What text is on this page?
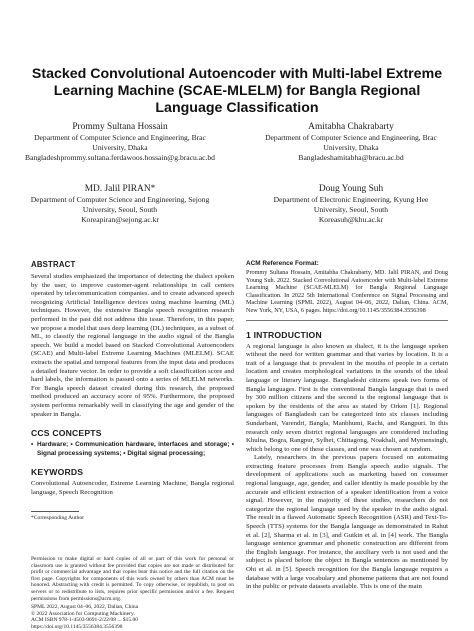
Stacked Convolutional Autoencoder with Multi-label Extreme Learning Machine (SCAE-MLELM) for Bangla Regional Language Classification
Prommy Sultana Hossain
Department of Computer Science and Engineering, Brac
University, Dhaka
Bangladeshprommy.sultana.ferdawoos.hossain@g.bracu.ac.bd
Amitabha Chakrabarty
Department of Computer Science and Engineering, Brac
University, Dhaka
Bangladeshamitabha@bracu.ac.bd
MD. Jalil PIRAN*
Department of Computer Science and Engineering, Sejong
University, Seoul, South
Koreapiran@sejong.ac.kr
Doug Young Suh
Department of Electronic Engineering, Kyung Hee
University, Seoul, South
Koreasuh@khu.ac.kr
ABSTRACT

Several studies emphasized the importance of detecting the dialect spoken by the user, to improve customer-agent relationships in call centers operated by telecommunication companies. and to create advanced speech recognizing Artificial Intelligence devices using machine learning (ML) techniques. However, the extensive Bangla speech recognition research performed in the past did not address this issue. Therefore, in this paper, we propose a model that uses deep learning (DL) techniques, as a subset of ML, to classify the regional language in the audio signal of the Bangla speech. We build a model based on Stacked Convolutional Autoencoders (SCAE) and Multi-label Extreme Learning Machines (MLELM). SCAE extracts the spatial and temporal features from the input data and produces a detailed feature vector. In order to provide a soft classification score and hard labels, the information is passed onto a series of MLELM networks. For Bangla speech dataset created during this research, the proposed method produced an accuracy score of 95%. Furthermore, the proposed system performs remarkably well in classifying the age and gender of the speaker in Bangla.

CCS CONCEPTS
• Hardware; • Communication hardware, interfaces and storage; • Signal processing systems; • Digital signal processing;
KEYWORDS

Convolutional Autoencoder, Extreme Learning Machine, Bangla regional language, Speech Recognition

*Corresponding Author
Permission to make digital or hard copies of all or part of this work for personal or classroom use is granted without fee provided that copies are not made or distributed for profit or commercial advantage and that copies bear this notice and the full citation on the first page. Copyrights for components of this work owned by others than ACM must be honored. Abstracting with credit is permitted. To copy otherwise, or republish, to post on servers or to redistribute to lists, requires prior specific permission and/or a fee. Request permissions from permissions@acm.org.
SPML 2022, August 04–06, 2022, Dalian, China
© 2022 Association for Computing Machinery.
ACM ISBN 978-1-4503-9691-2/22/08 ... $15.00
https://doi.org/10.1145/3556384.3556398
ACM Reference Format:
Prommy Sultana Hossain, Amitabha Chakrabarty, MD. Jalil PIRAN, and Doug Young Suh. 2022. Stacked Convolutional Autoencoder with Multi-label Extreme Learning Machine (SCAE-MLELM) for Bangla Regional Language Classification. In 2022 5th International Conference on Signal Processing and Machine Learning (SPML 2022), August 04–06, 2022, Dalian, China. ACM, New York, NY, USA, 6 pages. https://doi.org/10.1145/3556384.3556398
1 INTRODUCTION

A regional language is also known as dialect, it is the language spoken without the need for written grammar and that varies by location. It is a trait of a language that is prevalent in the mouths of people in a certain location and creates morphological variations in the sounds of the ideal language or literary language. Bangladeshi citizens speak two forms of Bangla languages. First is the conventional Bangla language that is used by 300 million citizens and the second is the regional language that is spoken by the residents of the area as stated by Orken [1]. Regional languages of Bangladesh can be categorized into six classes including Sundarbani, Varendri, Bangla, Manbhumi, Rachi, and Rangpuri. In this research only seven district regional languages are considered including Khulna, Bogra, Rangpur, Sylhet, Chittagong, Noakhali, and Mymensingh, which belong to one of these classes, and one was chosen at random.

Lately, researchers in the previous papers focused on automating extracting feature processes from Bangla speech audio signals. The development of applications such as marketing based on consumer regional language, age, gender, and caller identity is made possible by the accurate and efficient extraction of a speaker identification from a voice signal. However, in the majority of these studies, researchers do not categorize the regional language used by the speaker in the audio signal. The result in a flawed Automatic Speech Recognition (ASR) and Text-To-Speech (TTS) systems for the Bangla language as demonstrated in Rahut et al. [2], Sharma et al. in [3], and Gutkin et al. in [4] work. The Bangla language sentence grammar and phonetic construction are different from the English language. For instance, the auxiliary verb is not used and the subject is placed before the object in Bangla sentences as mentioned by Ohi et al. in [5]. Speech recognition for the Bangla language requires a database with a large vocabulary and phoneme patterns that are not found in the public or private datasets available. This is one of the main
